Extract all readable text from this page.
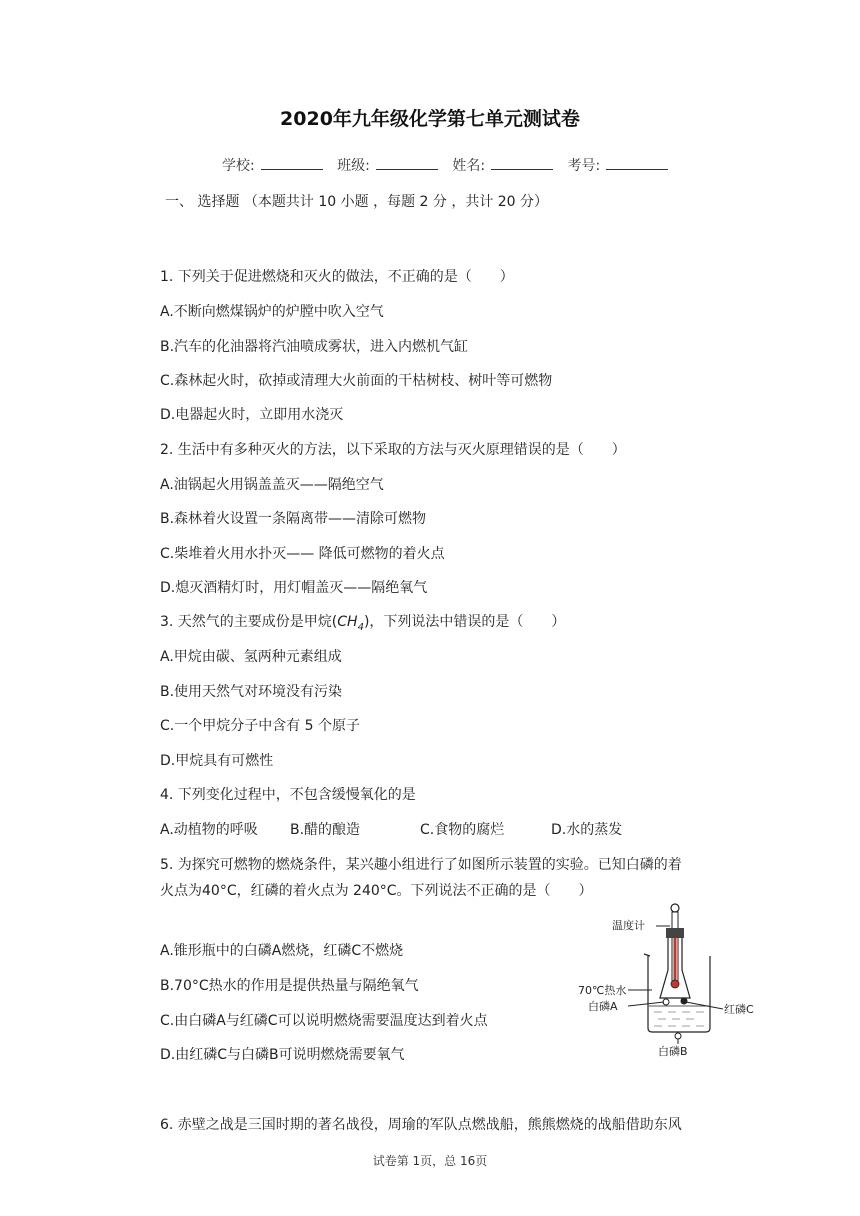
2020年九年级化学第七单元测试卷
学校:	班级:	姓名:	考号:
一、 选择题 （本题共计 10 小题 ，每题 2 分 ，共计 20 分）
1. 下列关于促进燃烧和灭火的做法，不正确的是（　　）
A.不断向燃煤锅炉的炉膛中吹入空气
B.汽车的化油器将汽油喷成雾状，进入内燃机气缸
C.森林起火时，砍掉或清理大火前面的干枯树枝、树叶等可燃物
D.电器起火时，立即用水浇灭
2. 生活中有多种灭火的方法，以下采取的方法与灭火原理错误的是（　　）
A.油锅起火用锅盖盖灭——隔绝空气
B.森林着火设置一条隔离带——清除可燃物
C.柴堆着火用水扑灭—— 降低可燃物的着火点
D.熄灭酒精灯时，用灯帽盖灭——隔绝氧气
3. 天然气的主要成份是甲烷$(CH_4)$，下列说法中错误的是（　　）
A.甲烷由碳、氢两种元素组成
B.使用天然气对环境没有污染
C.一个甲烷分子中含有 5 个原子
D.甲烷具有可燃性
4. 下列变化过程中，不包含缓慢氧化的是
A.动植物的呼吸 B.醋的酿造	C.食物的腐烂	D.水的蒸发
5. 为探究可燃物的燃烧条件，某兴趣小组进行了如图所示装置的实验。已知白磷的着
火点为40°C，红磷的着火点为 240°C。下列说法不正确的是（　　）
A.锥形瓶中的白磷A燃烧，红磷C不燃烧
B.70°C热水的作用是提供热量与隔绝氧气
C.由白磷A与红磷C可以说明燃烧需要温度达到着火点
D.由红磷C与白磷B可说明燃烧需要氧气
温度计
70℃热水
白磷A	红磷C
白磷B
6. 赤壁之战是三国时期的著名战役，周瑜的军队点燃战船，熊熊燃烧的战船借助东风
试卷第 1页，总 16页
